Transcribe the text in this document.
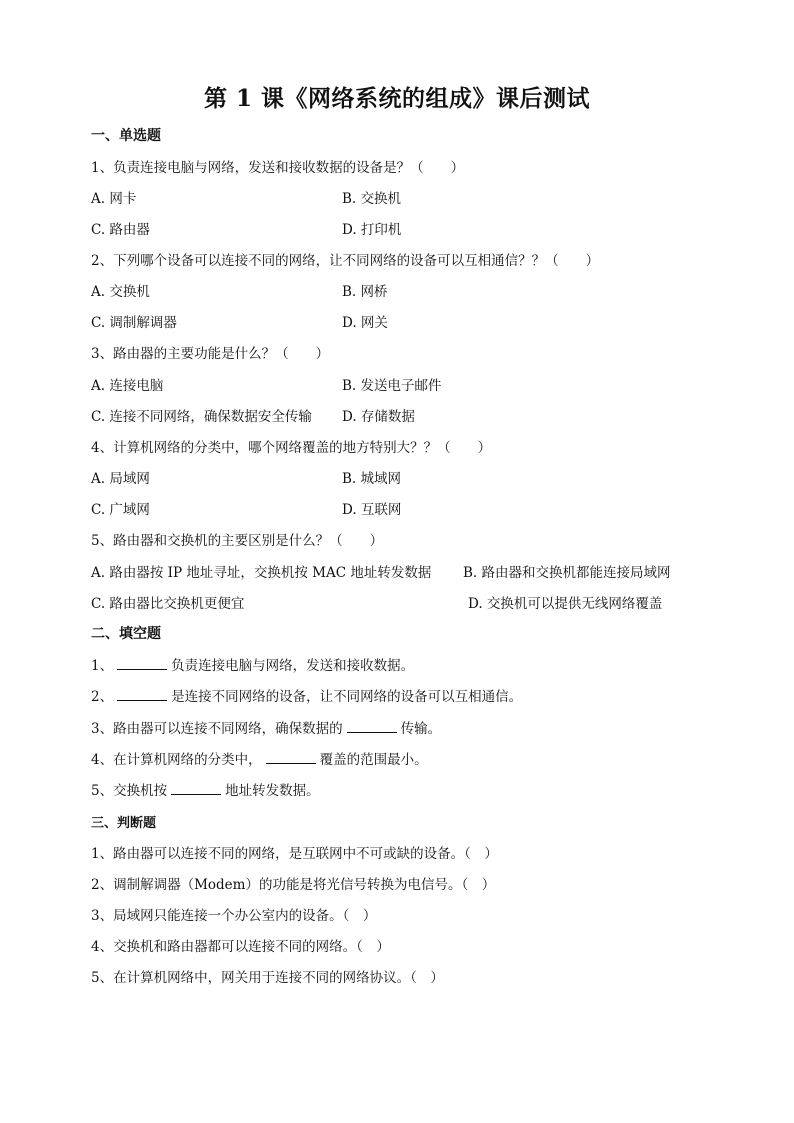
第 1 课《网络系统的组成》课后测试
一、单选题
1、负责连接电脑与网络，发送和接收数据的设备是？（　　）
A. 网卡	B. 交换机
C. 路由器	D. 打印机
2、下列哪个设备可以连接不同的网络，让不同网络的设备可以互相通信？？（　　）
A. 交换机	B. 网桥
C. 调制解调器	D. 网关
3、路由器的主要功能是什么？（　　）
A. 连接电脑	B. 发送电子邮件
C. 连接不同网络，确保数据安全传输 D. 存储数据
4、计算机网络的分类中，哪个网络覆盖的地方特别大？？（　　）
A. 局域网	B. 城域网
C. 广域网	D. 互联网
5、路由器和交换机的主要区别是什么？（　　）
A. 路由器按 IP 地址寻址，交换机按 MAC 地址转发数据 B. 路由器和交换机都能连接局域网
C. 路由器比交换机更便宜	D. 交换机可以提供无线网络覆盖
二、填空题
1、	负责连接电脑与网络，发送和接收数据。
2、	是连接不同网络的设备，让不同网络的设备可以互相通信。
3、路由器可以连接不同网络，确保数据的	传输。
4、在计算机网络的分类中，	覆盖的范围最小。
5、交换机按	地址转发数据。
三、判断题
1、路由器可以连接不同的网络，是互联网中不可或缺的设备。（　）
2、调制解调器（Modem）的功能是将光信号转换为电信号。（　）
3、局域网只能连接一个办公室内的设备。（　）
4、交换机和路由器都可以连接不同的网络。（　）
5、在计算机网络中，网关用于连接不同的网络协议。（　）
